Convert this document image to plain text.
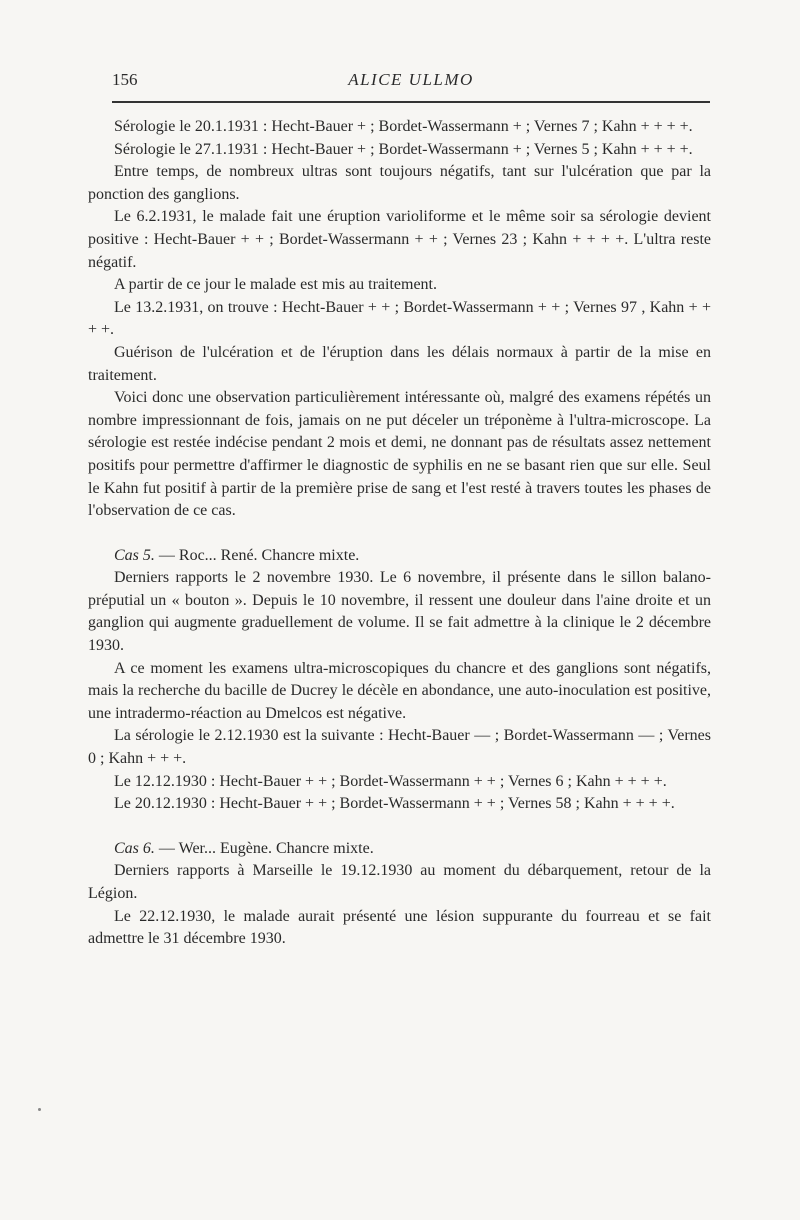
156	ALICE ULLMO

Sérologie le 20.1.1931 : Hecht-Bauer + ; Bordet-Wassermann + ; Vernes 7 ; Kahn + + + +.

Sérologie le 27.1.1931 : Hecht-Bauer + ; Bordet-Wassermann + ; Vernes 5 ; Kahn + + + +.

Entre temps, de nombreux ultras sont toujours négatifs, tant sur l'ulcération que par la ponction des ganglions.

Le 6.2.1931, le malade fait une éruption varioliforme et le même soir sa sérologie devient positive : Hecht-Bauer + + ; Bordet-Wassermann + + ; Vernes 23 ; Kahn + + + +. L'ultra reste négatif.

A partir de ce jour le malade est mis au traitement.

Le 13.2.1931, on trouve : Hecht-Bauer + + ; Bordet-Wassermann + + ; Vernes 97 , Kahn + + + +.

Guérison de l'ulcération et de l'éruption dans les délais normaux à partir de la mise en traitement.

Voici donc une observation particulièrement intéressante où, malgré des examens répétés un nombre impressionnant de fois, jamais on ne put déceler un tréponème à l'ultra-microscope. La sérologie est restée indécise pendant 2 mois et demi, ne donnant pas de résultats assez nettement positifs pour permettre d'affirmer le diagnostic de syphilis en ne se basant rien que sur elle. Seul le Kahn fut positif à partir de la première prise de sang et l'est resté à travers toutes les phases de l'observation de ce cas.

Cas 5. — Roc... René. Chancre mixte.

Derniers rapports le 2 novembre 1930. Le 6 novembre, il présente dans le sillon balano-préputial un « bouton ». Depuis le 10 novembre, il ressent une douleur dans l'aine droite et un ganglion qui augmente graduellement de volume. Il se fait admettre à la clinique le 2 décembre 1930.

A ce moment les examens ultra-microscopiques du chancre et des ganglions sont négatifs, mais la recherche du bacille de Ducrey le décèle en abondance, une auto-inoculation est positive, une intradermo-réaction au Dmelcos est négative.

La sérologie le 2.12.1930 est la suivante : Hecht-Bauer — ; Bordet-Wassermann — ; Vernes 0 ; Kahn + + +.

Le 12.12.1930 : Hecht-Bauer + + ; Bordet-Wassermann + + ; Vernes 6 ; Kahn + + + +.

Le 20.12.1930 : Hecht-Bauer + + ; Bordet-Wassermann + + ; Vernes 58 ; Kahn + + + +.

Cas 6. — Wer... Eugène. Chancre mixte.

Derniers rapports à Marseille le 19.12.1930 au moment du débarquement, retour de la Légion.

Le 22.12.1930, le malade aurait présenté une lésion suppurante du fourreau et se fait admettre le 31 décembre 1930.
